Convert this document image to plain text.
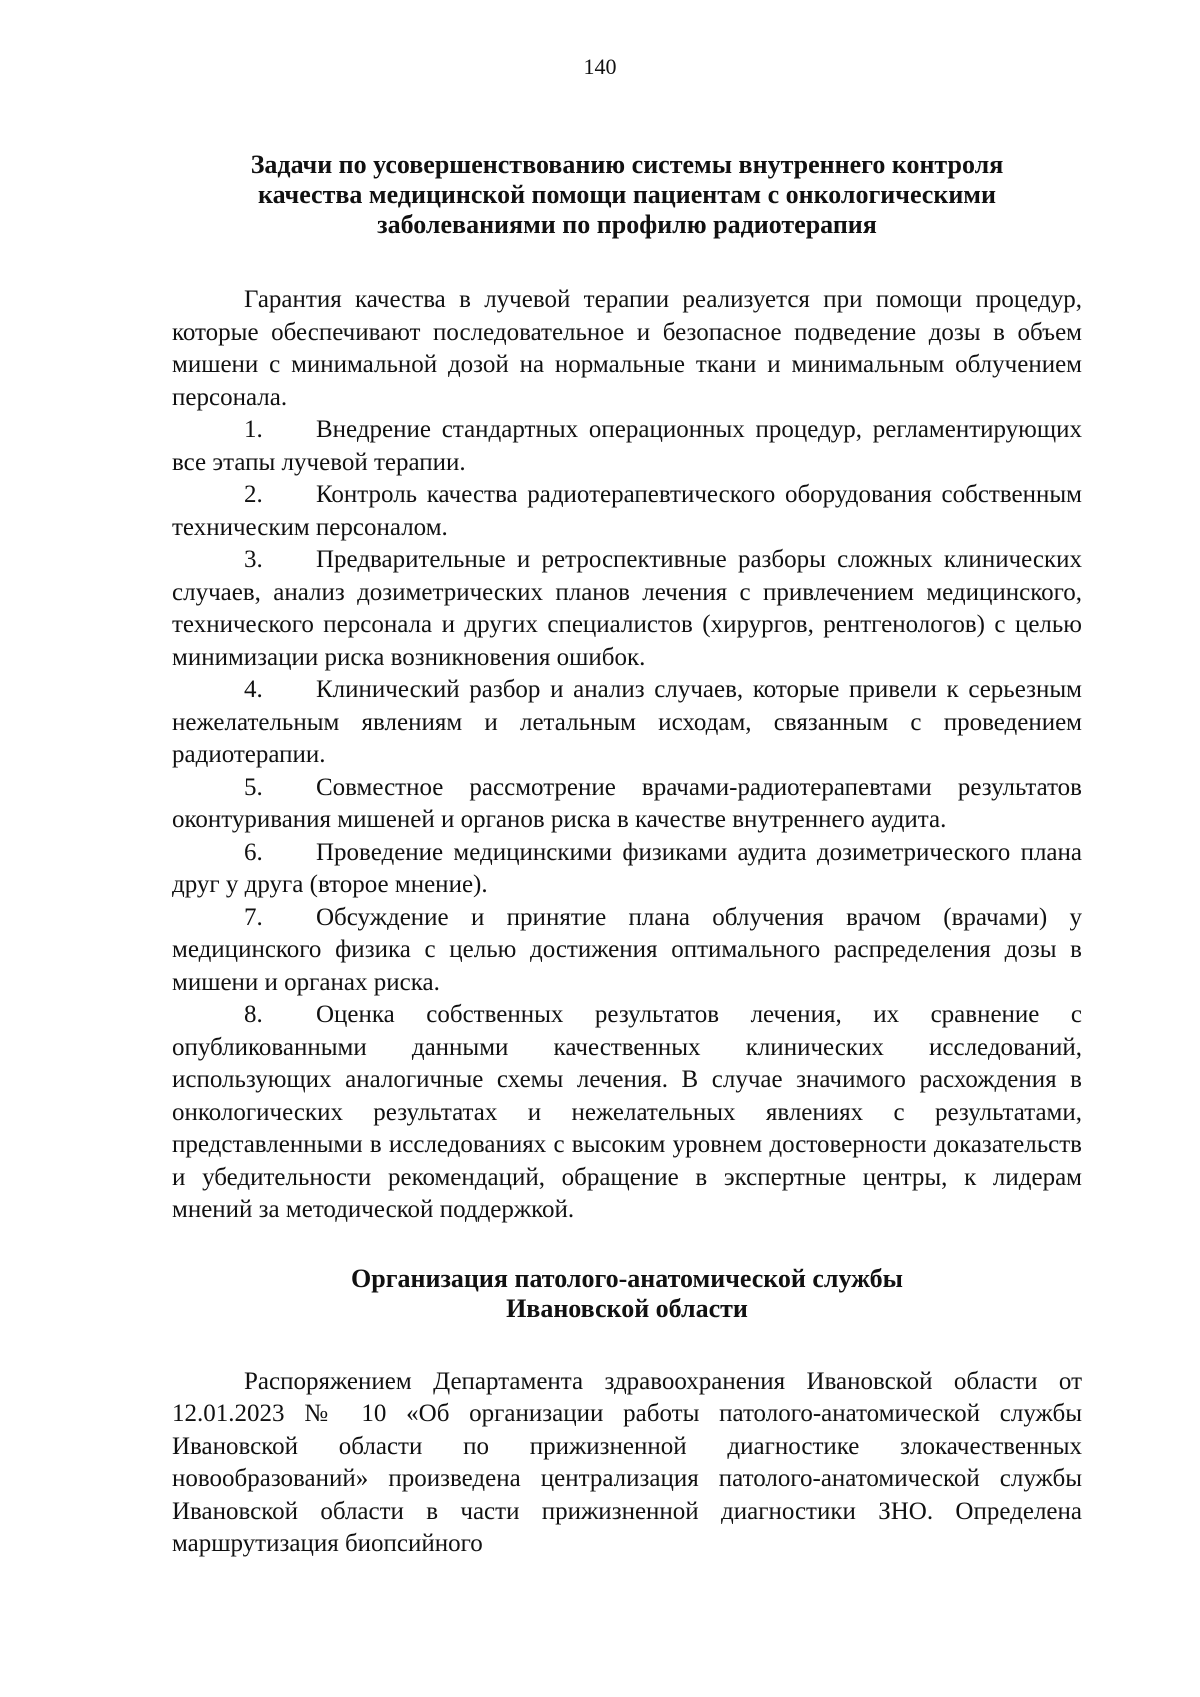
140
Задачи по усовершенствованию системы внутреннего контроля
качества медицинской помощи пациентам с онкологическими
заболеваниями по профилю радиотерапия

Гарантия качества в лучевой терапии реализуется при помощи процедур, которые обеспечивают последовательное и безопасное подведение дозы в объем мишени с минимальной дозой на нормальные ткани и минимальным облучением персонала.

1. Внедрение стандартных операционных процедур, регламентирующих все этапы лучевой терапии.
2. Контроль качества радиотерапевтического оборудования собственным техническим персоналом.
3. Предварительные и ретроспективные разборы сложных клинических случаев, анализ дозиметрических планов лечения с привлечением медицинского, технического персонала и других специалистов (хирургов, рентгенологов) с целью минимизации риска возникновения ошибок.
4. Клинический разбор и анализ случаев, которые привели к серьезным нежелательным явлениям и летальным исходам, связанным с проведением радиотерапии.
5. Совместное рассмотрение врачами-радиотерапевтами результатов оконтуривания мишеней и органов риска в качестве внутреннего аудита.
6. Проведение медицинскими физиками аудита дозиметрического плана друг у друга (второе мнение).
7. Обсуждение и принятие плана облучения врачом (врачами) у медицинского физика с целью достижения оптимального распределения дозы в мишени и органах риска.
8. Оценка собственных результатов лечения, их сравнение с опубликованными данными качественных клинических исследований, использующих аналогичные схемы лечения. В случае значимого расхождения в онкологических результатах и нежелательных явлениях с результатами, представленными в исследованиях с высоким уровнем достоверности доказательств и убедительности рекомендаций, обращение в экспертные центры, к лидерам мнений за методической поддержкой.
Организация патолого-анатомической службы
Ивановской области

Распоряжением Департамента здравоохранения Ивановской области от 12.01.2023 № 10 «Об организации работы патолого-анатомической службы Ивановской области по прижизненной диагностике злокачественных новообразований» произведена централизация патолого-анатомической службы Ивановской области в части прижизненной диагностики ЗНО. Определена маршрутизация биопсийного
